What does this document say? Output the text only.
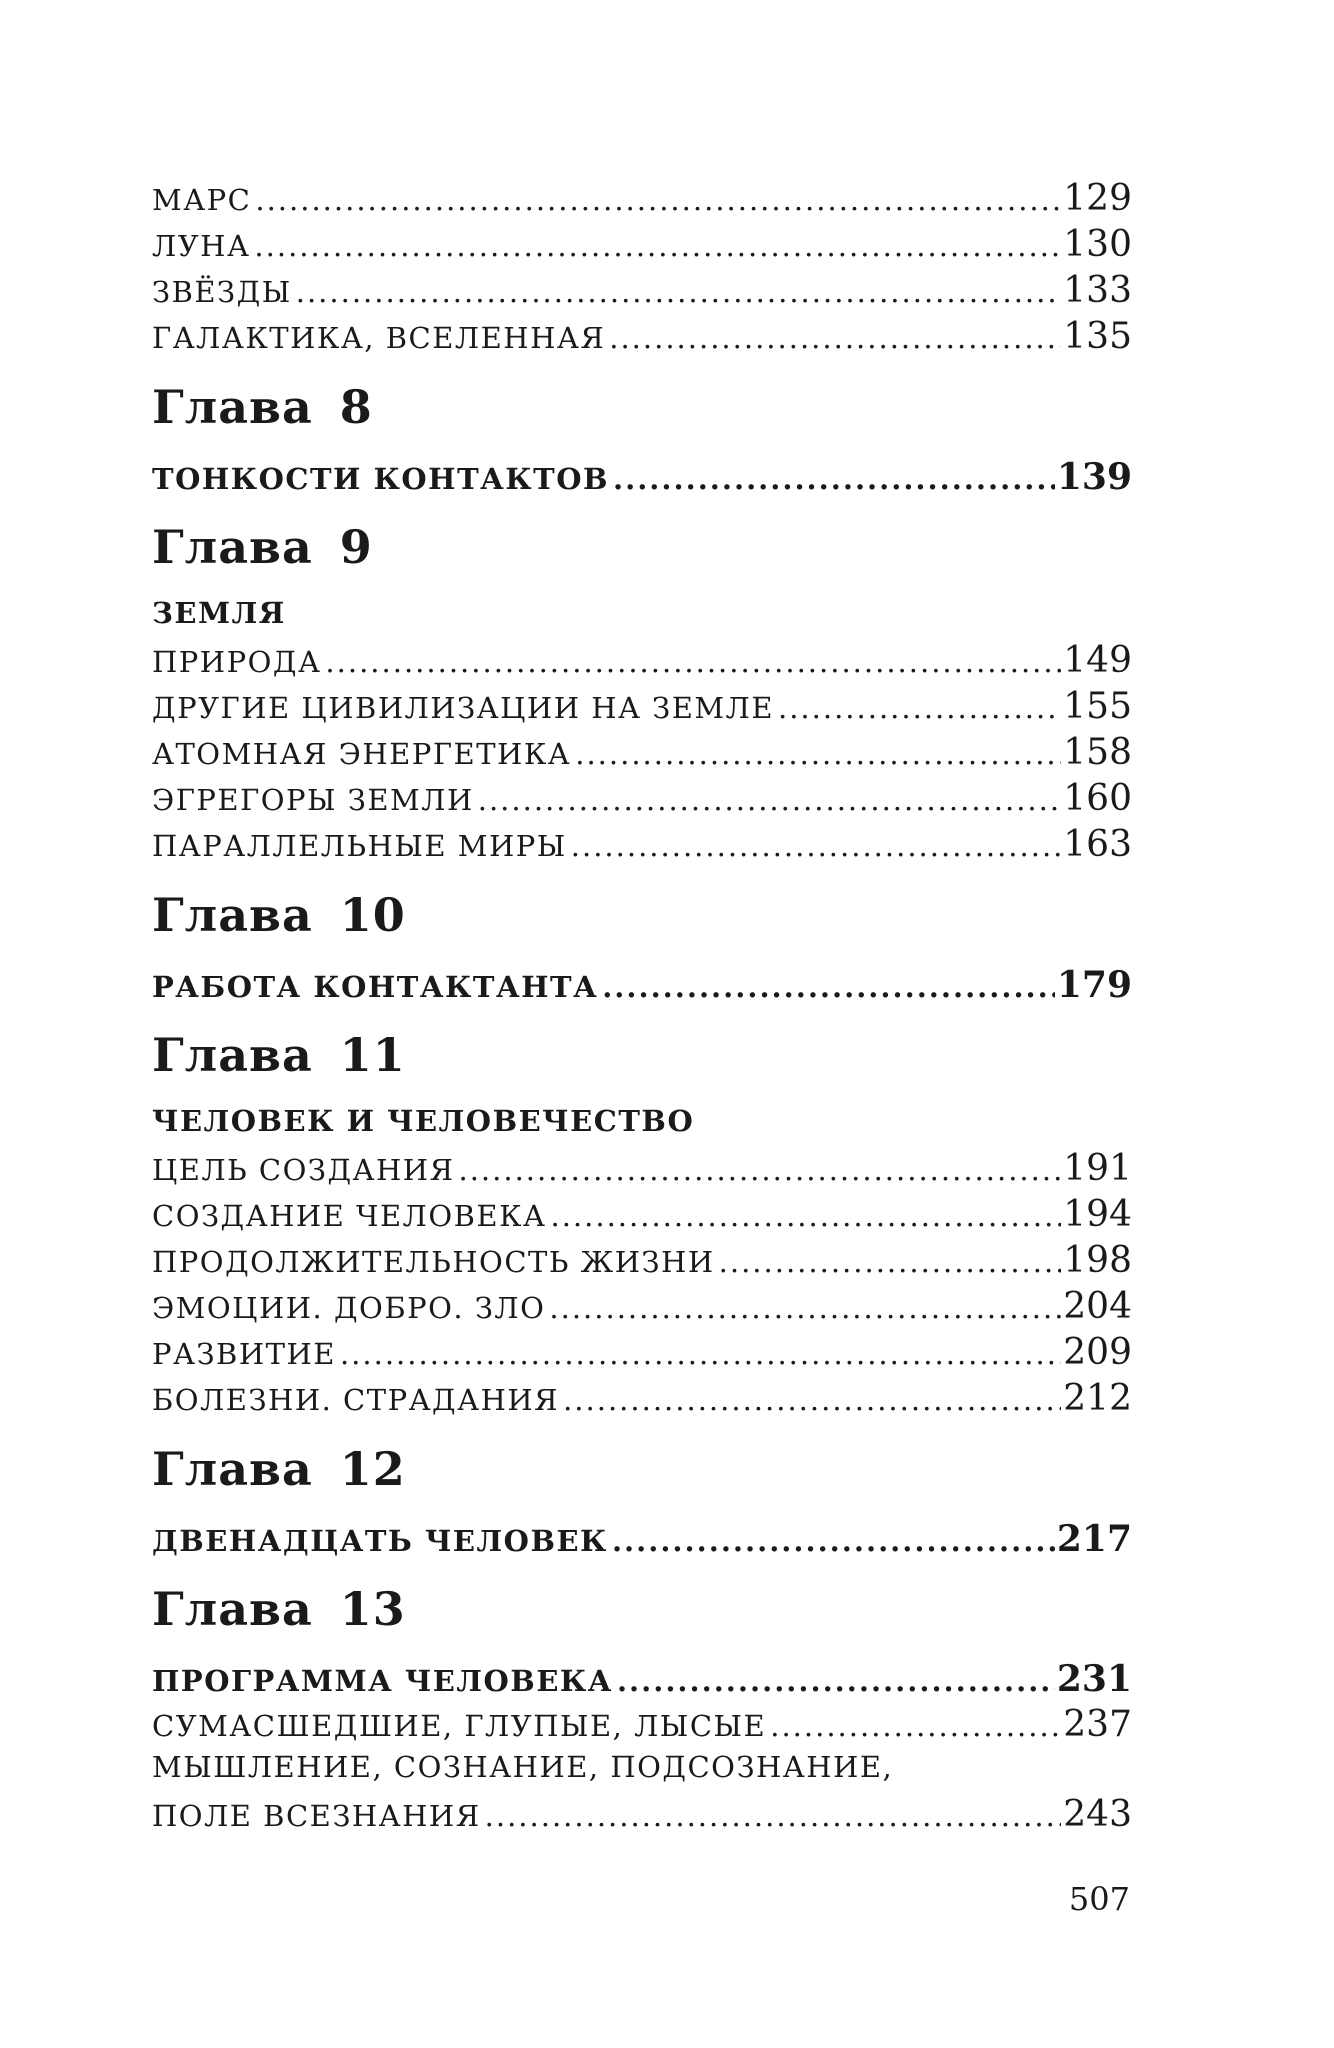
МАРС .....	129
ЛУНА .....	130
ЗВЁЗДЫ .....	133
ГАЛАКТИКА, ВСЕЛЕННАЯ .....	135
Глава 8
ТОНКОСТИ КОНТАКТОВ .....	139
Глава 9
ЗЕМЛЯ
ПРИРОДА .....	149
ДРУГИЕ ЦИВИЛИЗАЦИИ НА ЗЕМЛЕ .....	155
АТОМНАЯ ЭНЕРГЕТИКА .....	158
ЭГРЕГОРЫ ЗЕМЛИ .....	160
ПАРАЛЛЕЛЬНЫЕ МИРЫ .....	163
Глава 10
РАБОТА КОНТАКТАНТА .....	179
Глава 11
ЧЕЛОВЕК И ЧЕЛОВЕЧЕСТВО
ЦЕЛЬ СОЗДАНИЯ .....	191
СОЗДАНИЕ ЧЕЛОВЕКА .....	194
ПРОДОЛЖИТЕЛЬНОСТЬ ЖИЗНИ .....	198
ЭМОЦИИ. ДОБРО. ЗЛО .....	204
РАЗВИТИЕ .....	209
БОЛЕЗНИ. СТРАДАНИЯ .....	212
Глава 12
ДВЕНАДЦАТЬ ЧЕЛОВЕК .....	217
Глава 13
ПРОГРАММА ЧЕЛОВЕКА .....	231
СУМАСШЕДШИЕ, ГЛУПЫЕ, ЛЫСЫЕ .....	237
МЫШЛЕНИЕ, СОЗНАНИЕ, ПОДСОЗНАНИЕ,
ПОЛЕ ВСЕЗНАНИЯ .....	243
507
